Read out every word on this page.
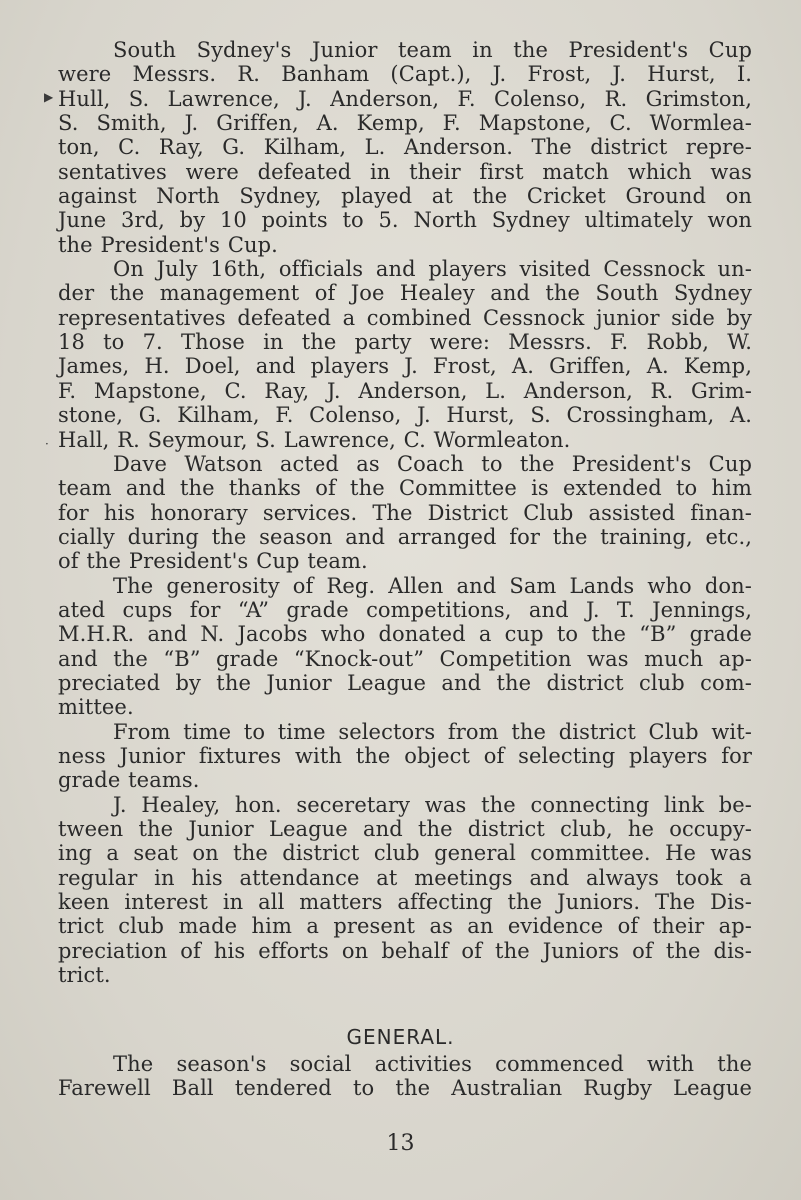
▶
·
South Sydney's Junior team in the President's Cup
were Messrs. R. Banham (Capt.), J. Frost, J. Hurst, I.
Hull, S. Lawrence, J. Anderson, F. Colenso, R. Grimston,
S. Smith, J. Griffen, A. Kemp, F. Mapstone, C. Wormlea-
ton, C. Ray, G. Kilham, L. Anderson. The district repre-
sentatives were defeated in their first match which was
against North Sydney, played at the Cricket Ground on
June 3rd, by 10 points to 5. North Sydney ultimately won
the President's Cup.
On July 16th, officials and players visited Cessnock un-
der the management of Joe Healey and the South Sydney
representatives defeated a combined Cessnock junior side by
18 to 7. Those in the party were: Messrs. F. Robb, W.
James, H. Doel, and players J. Frost, A. Griffen, A. Kemp,
F. Mapstone, C. Ray, J. Anderson, L. Anderson, R. Grim-
stone, G. Kilham, F. Colenso, J. Hurst, S. Crossingham, A.
Hall, R. Seymour, S. Lawrence, C. Wormleaton.
Dave Watson acted as Coach to the President's Cup
team and the thanks of the Committee is extended to him
for his honorary services. The District Club assisted finan-
cially during the season and arranged for the training, etc.,
of the President's Cup team.
The generosity of Reg. Allen and Sam Lands who don-
ated cups for “A” grade competitions, and J. T. Jennings,
M.H.R. and N. Jacobs who donated a cup to the “B” grade
and the “B” grade “Knock-out” Competition was much ap-
preciated by the Junior League and the district club com-
mittee.
From time to time selectors from the district Club wit-
ness Junior fixtures with the object of selecting players for
grade teams.
J. Healey, hon. seceretary was the connecting link be-
tween the Junior League and the district club, he occupy-
ing a seat on the district club general committee. He was
regular in his attendance at meetings and always took a
keen interest in all matters affecting the Juniors. The Dis-
trict club made him a present as an evidence of their ap-
preciation of his efforts on behalf of the Juniors of the dis-
trict.
GENERAL.
The season's social activities commenced with the
Farewell Ball tendered to the Australian Rugby League
13
